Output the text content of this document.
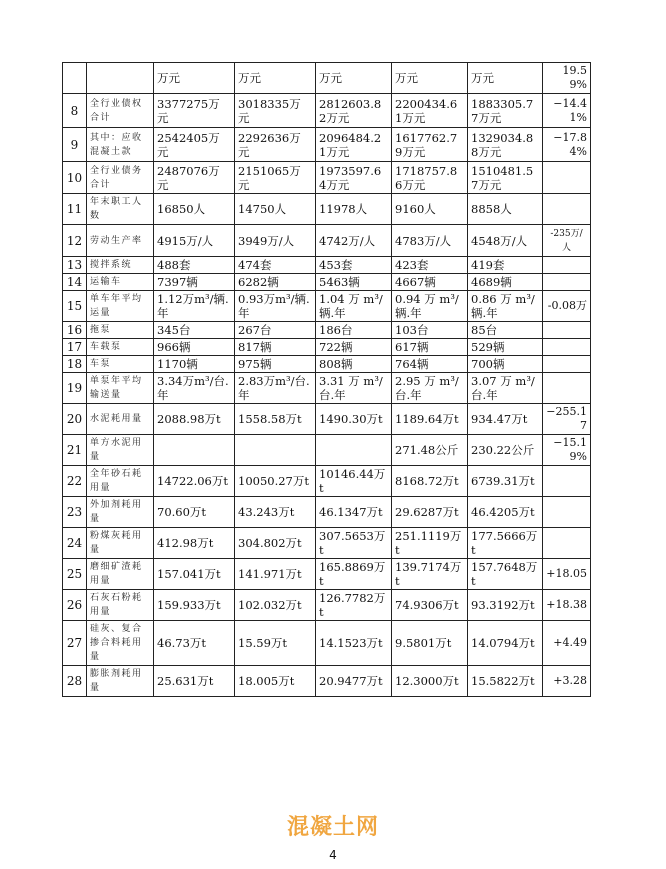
		万元	万元	万元	万元	万元	19.59%
8	全行业债权合计	3377275万元	3018335万元	2812603.82万元	2200434.61万元	1883305.77万元	−14.41%
9	其中：应收混凝土款	2542405万元	2292636万元	2096484.21万元	1617762.79万元	1329034.88万元	−17.84%
10	全行业债务合计	2487076万元	2151065万元	1973597.64万元	1718757.86万元	1510481.57万元	
11	年末职工人数	16850人	14750人	11978人	9160人	8858人	
12	劳动生产率	4915万/人	3949万/人	4742万/人	4783万/人	4548万/人	-235万/人
13	搅拌系统	488套	474套	453套	423套	419套	
14	运输车	7397辆	6282辆	5463辆	4667辆	4689辆	
15	单车年平均运量	1.12万m³/辆.年	0.93万m³/辆.年	1.04 万 m³/辆.年	0.94 万 m³/辆.年	0.86 万 m³/辆.年	-0.08万
16	拖泵	345台	267台	186台	103台	85台	
17	车载泵	966辆	817辆	722辆	617辆	529辆	
18	车泵	1170辆	975辆	808辆	764辆	700辆	
19	单泵年平均输送量	3.34万m³/台.年	2.83万m³/台.年	3.31 万 m³/台.年	2.95 万 m³/台.年	3.07 万 m³/台.年	
20	水泥耗用量	2088.98万t	1558.58万t	1490.30万t	1189.64万t	934.47万t	−255.17
21	单方水泥用量				271.48公斤	230.22公斤	−15.19%
22	全年砂石耗用量	14722.06万t	10050.27万t	10146.44万t	8168.72万t	6739.31万t	
23	外加剂耗用量	70.60万t	43.243万t	46.1347万t	29.6287万t	46.4205万t	
24	粉煤灰耗用量	412.98万t	304.802万t	307.5653万t	251.1119万t	177.5666万t	
25	磨细矿渣耗用量	157.041万t	141.971万t	165.8869万t	139.7174万t	157.7648万t	+18.05
26	石灰石粉耗用量	159.933万t	102.032万t	126.7782万t	74.9306万t	93.3192万t	+18.38
27	硅灰、复合掺合料耗用量	46.73万t	15.59万t	14.1523万t	9.5801万t	14.0794万t	+4.49
28	膨胀剂耗用量	25.631万t	18.005万t	20.9477万t	12.3000万t	15.5822万t	+3.28
混凝土网
4
